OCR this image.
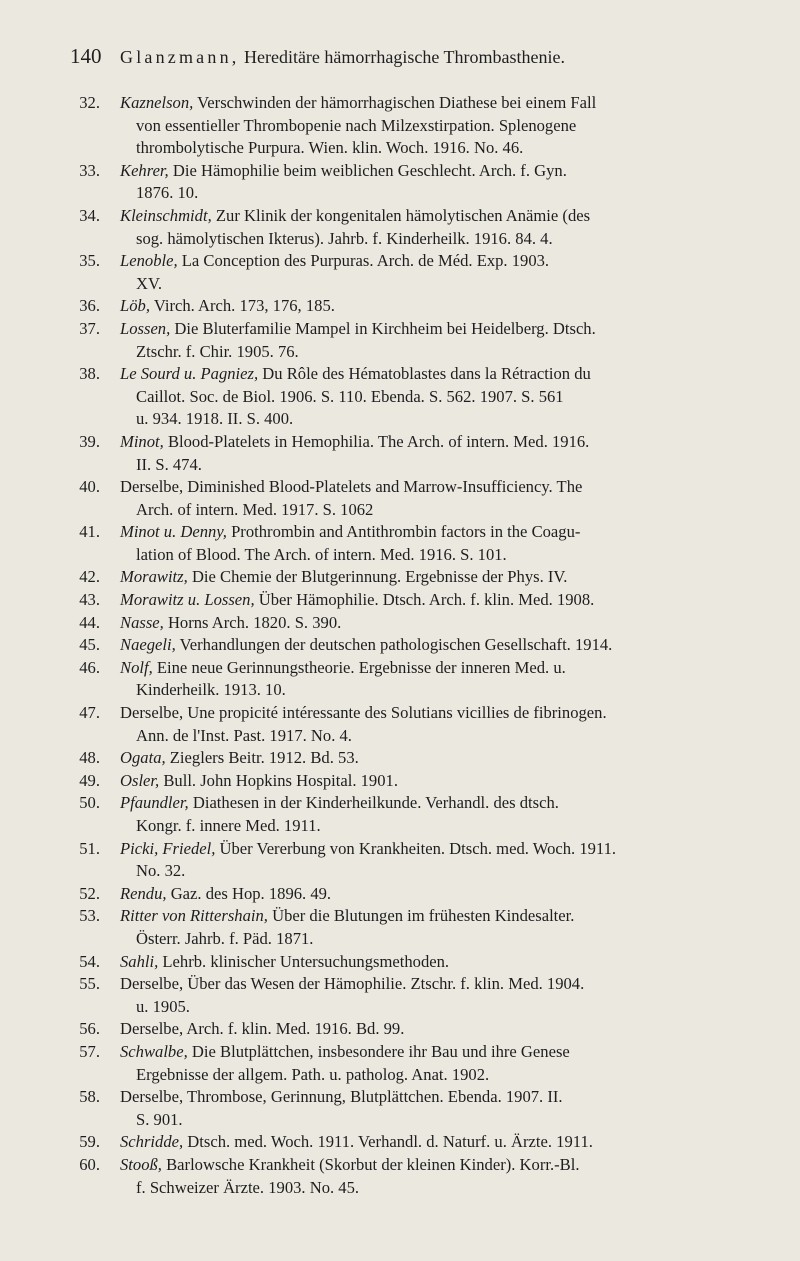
140 Glanzmann, Hereditäre hämorrhagische Thrombasthenie.
32. Kaznelson, Verschwinden der hämorrhagischen Diathese bei einem Fall
von essentieller Thrombopenie nach Milzexstirpation. Splenogene
thrombolytische Purpura. Wien. klin. Woch. 1916. No. 46.
33. Kehrer, Die Hämophilie beim weiblichen Geschlecht. Arch. f. Gyn.
1876. 10.
34. Kleinschmidt, Zur Klinik der kongenitalen hämolytischen Anämie (des
sog. hämolytischen Ikterus). Jahrb. f. Kinderheilk. 1916. 84. 4.
35. Lenoble, La Conception des Purpuras. Arch. de Méd. Exp. 1903.
XV.
36. Löb, Virch. Arch. 173, 176, 185.
37. Lossen, Die Bluterfamilie Mampel in Kirchheim bei Heidelberg. Dtsch.
Ztschr. f. Chir. 1905. 76.
38. Le Sourd u. Pagniez, Du Rôle des Hématoblastes dans la Rétraction du
Caillot. Soc. de Biol. 1906. S. 110. Ebenda. S. 562. 1907. S. 561
u. 934. 1918. II. S. 400.
39. Minot, Blood-Platelets in Hemophilia. The Arch. of intern. Med. 1916.
II. S. 474.
40. Derselbe, Diminished Blood-Platelets and Marrow-Insufficiency. The
Arch. of intern. Med. 1917. S. 1062
41. Minot u. Denny, Prothrombin and Antithrombin factors in the Coagu-
lation of Blood. The Arch. of intern. Med. 1916. S. 101.
42. Morawitz, Die Chemie der Blutgerinnung. Ergebnisse der Phys. IV.
43. Morawitz u. Lossen, Über Hämophilie. Dtsch. Arch. f. klin. Med. 1908.
44. Nasse, Horns Arch. 1820. S. 390.
45. Naegeli, Verhandlungen der deutschen pathologischen Gesellschaft. 1914.
46. Nolf, Eine neue Gerinnungstheorie. Ergebnisse der inneren Med. u.
Kinderheilk. 1913. 10.
47. Derselbe, Une propicité intéressante des Solutians vicillies de fibrinogen.
Ann. de l'Inst. Past. 1917. No. 4.
48. Ogata, Zieglers Beitr. 1912. Bd. 53.
49. Osler, Bull. John Hopkins Hospital. 1901.
50. Pfaundler, Diathesen in der Kinderheilkunde. Verhandl. des dtsch.
Kongr. f. innere Med. 1911.
51. Picki, Friedel, Über Vererbung von Krankheiten. Dtsch. med. Woch. 1911.
No. 32.
52. Rendu, Gaz. des Hop. 1896. 49.
53. Ritter von Rittershain, Über die Blutungen im frühesten Kindesalter.
Österr. Jahrb. f. Päd. 1871.
54. Sahli, Lehrb. klinischer Untersuchungsmethoden.
55. Derselbe, Über das Wesen der Hämophilie. Ztschr. f. klin. Med. 1904.
u. 1905.
56. Derselbe, Arch. f. klin. Med. 1916. Bd. 99.
57. Schwalbe, Die Blutplättchen, insbesondere ihr Bau und ihre Genese
Ergebnisse der allgem. Path. u. patholog. Anat. 1902.
58. Derselbe, Thrombose, Gerinnung, Blutplättchen. Ebenda. 1907. II.
S. 901.
59. Schridde, Dtsch. med. Woch. 1911. Verhandl. d. Naturf. u. Ärzte. 1911.
60. Stooß, Barlowsche Krankheit (Skorbut der kleinen Kinder). Korr.-Bl.
f. Schweizer Ärzte. 1903. No. 45.
